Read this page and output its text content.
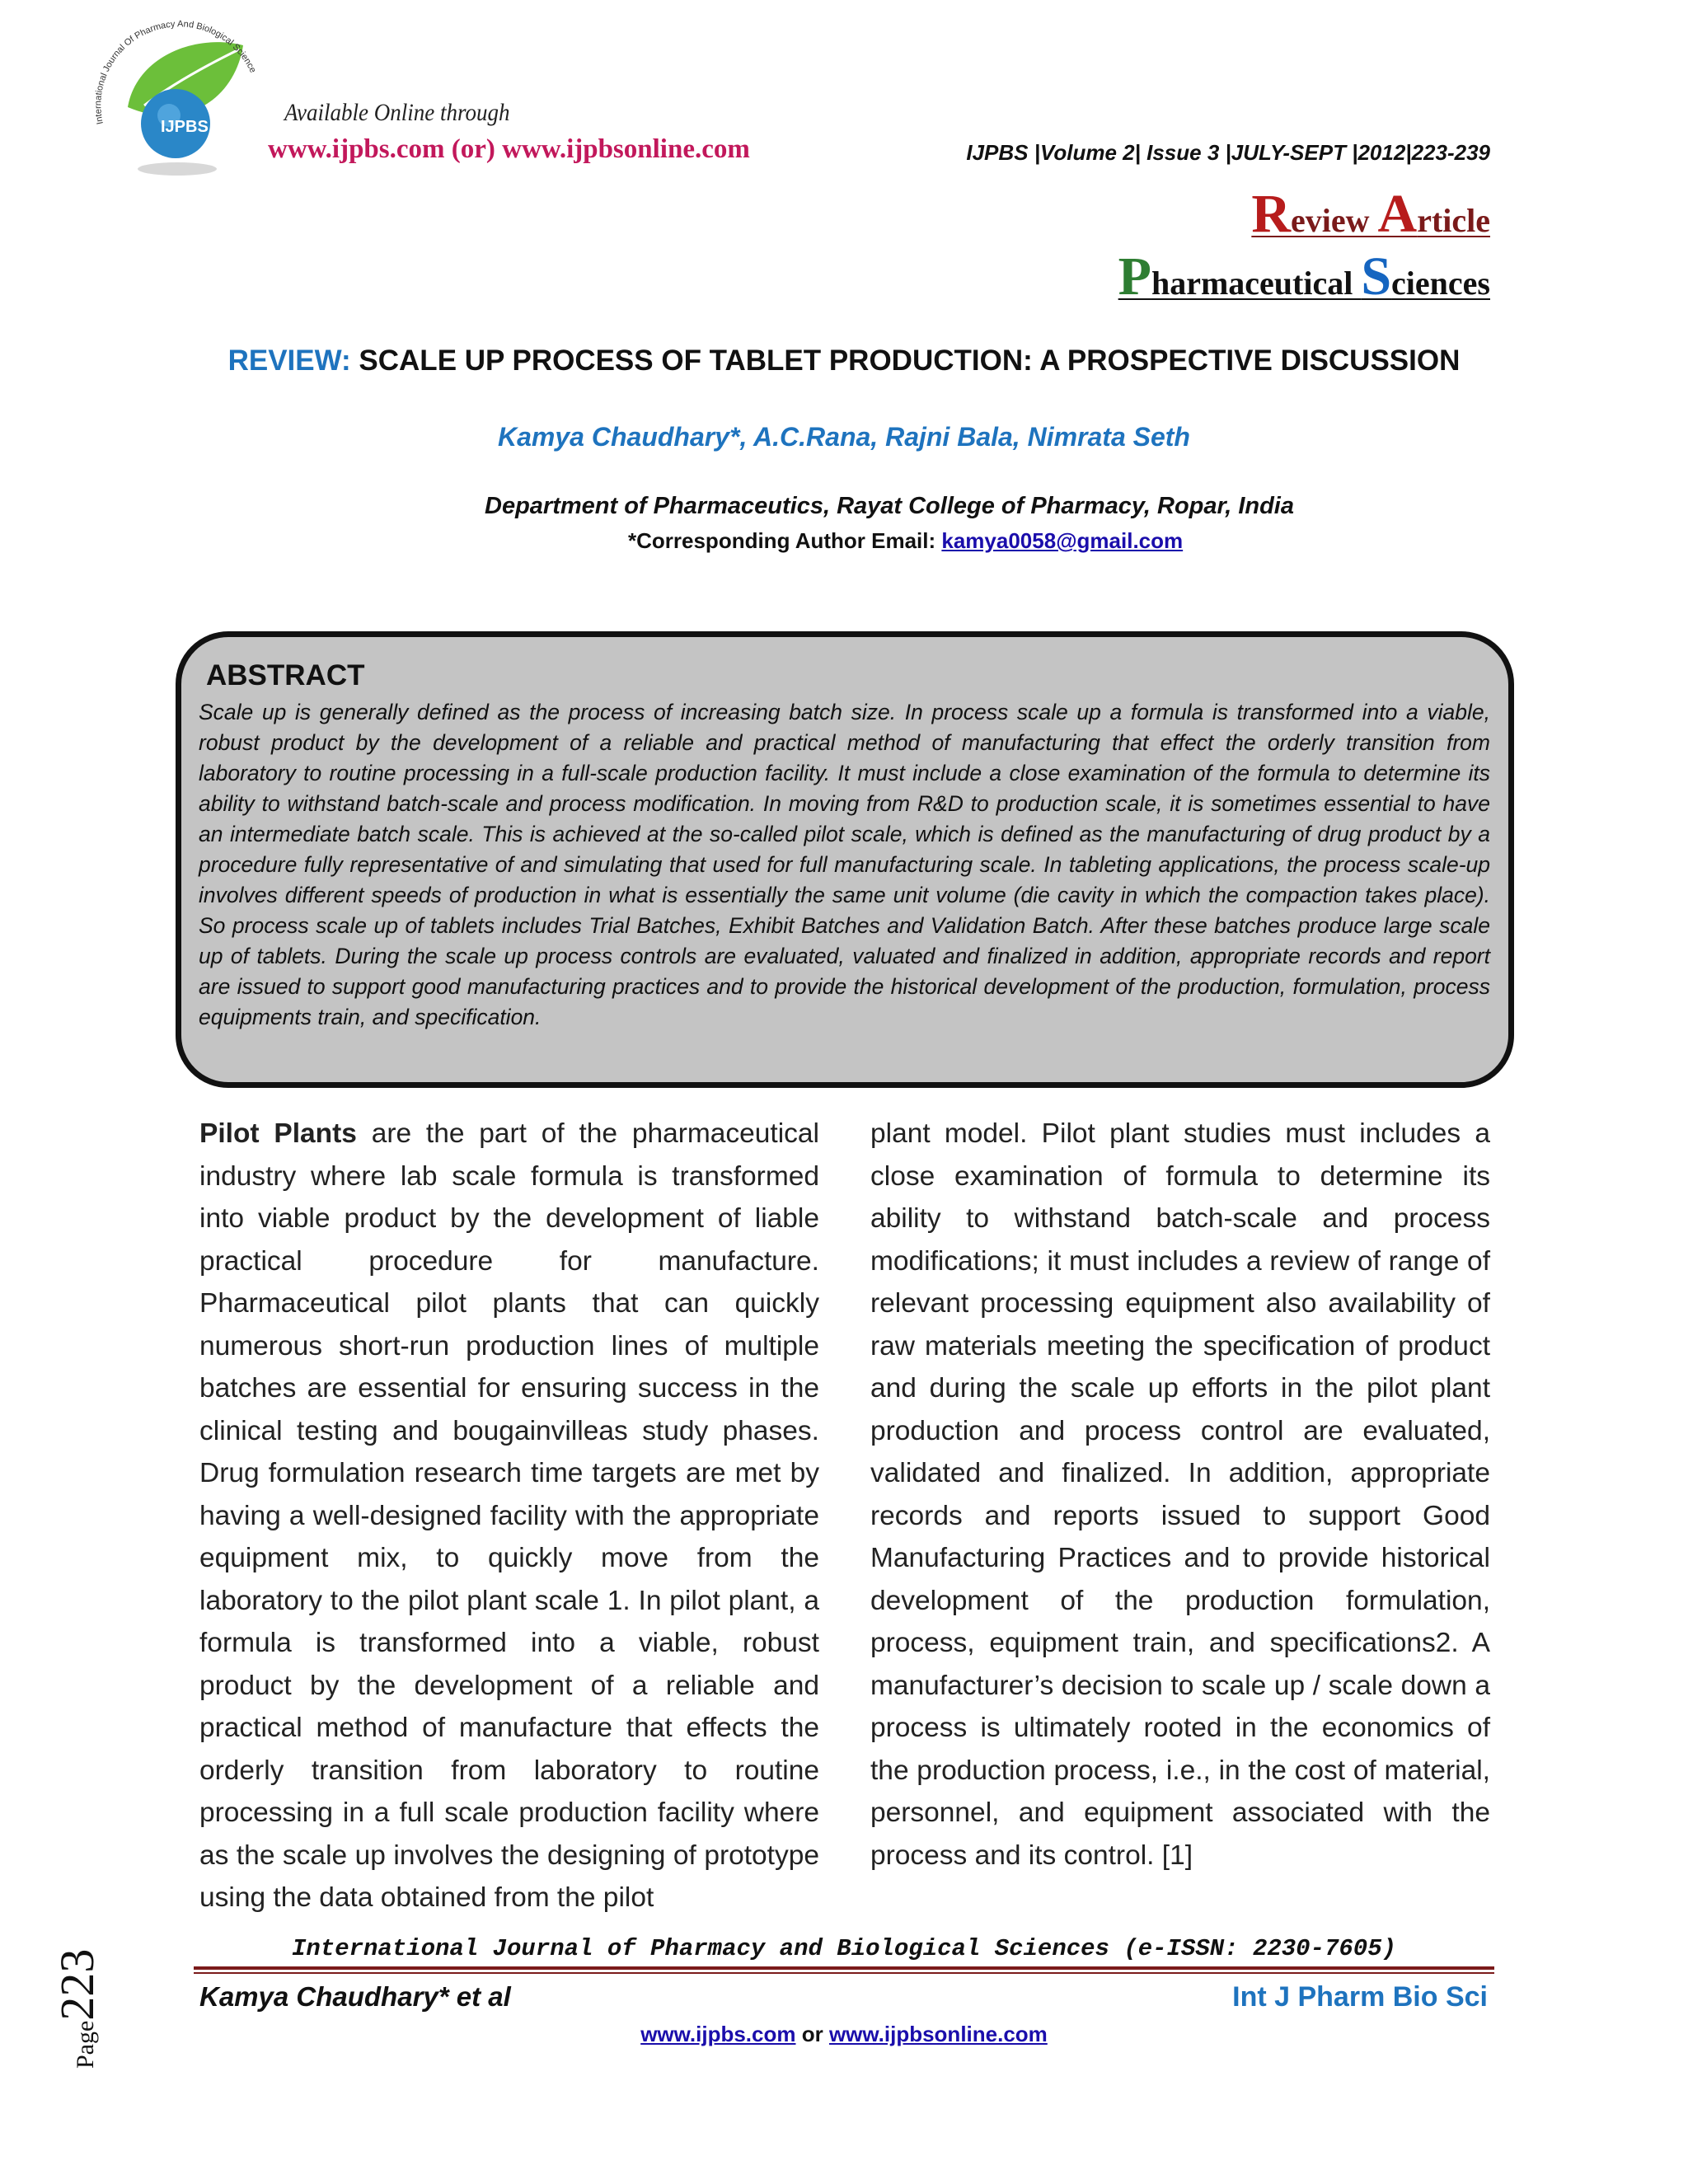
IJPBS
International Journal Of Pharmacy And Biological Science
Available Online through
www.ijpbs.com (or) www.ijpbsonline.com	IJPBS |Volume 2| Issue 3 |JULY-SEPT |2012|223-239
Review Article
Pharmaceutical Sciences
REVIEW: SCALE UP PROCESS OF TABLET PRODUCTION: A PROSPECTIVE DISCUSSION
Kamya Chaudhary*, A.C.Rana, Rajni Bala, Nimrata Seth
Department of Pharmaceutics, Rayat College of Pharmacy, Ropar, India
*Corresponding Author Email: kamya0058@gmail.com
ABSTRACT
Scale up is generally defined as the process of increasing batch size. In process scale up a formula is transformed into a viable, robust product by the development of a reliable and practical method of manufacturing that effect the orderly transition from laboratory to routine processing in a full-scale production facility. It must include a close examination of the formula to determine its ability to withstand batch-scale and process modification. In moving from R&D to production scale, it is sometimes essential to have an intermediate batch scale. This is achieved at the so-called pilot scale, which is defined as the manufacturing of drug product by a procedure fully representative of and simulating that used for full manufacturing scale. In tableting applications, the process scale-up involves different speeds of production in what is essentially the same unit volume (die cavity in which the compaction takes place). So process scale up of tablets includes Trial Batches, Exhibit Batches and Validation Batch. After these batches produce large scale up of tablets. During the scale up process controls are evaluated, valuated and finalized in addition, appropriate records and report are issued to support good manufacturing practices and to provide the historical development of the production, formulation, process equipments train, and specification.
Pilot Plants are the part of the pharmaceutical industry where lab scale formula is transformed into viable product by the development of liable practical procedure for manufacture. Pharmaceutical pilot plants that can quickly numerous short-run production lines of multiple batches are essential for ensuring success in the clinical testing and bougainvilleas study phases. Drug formulation research time targets are met by having a well-designed facility with the appropriate equipment mix, to quickly move from the laboratory to the pilot plant scale 1. In pilot plant, a formula is transformed into a viable, robust product by the development of a reliable and practical method of manufacture that effects the orderly transition from laboratory to routine processing in a full scale production facility where as the scale up involves the designing of prototype using the data obtained from the pilot
plant model. Pilot plant studies must includes a close examination of formula to determine its ability to withstand batch-scale and process modifications; it must includes a review of range of relevant processing equipment also availability of raw materials meeting the specification of product and during the scale up efforts in the pilot plant production and process control are evaluated, validated and finalized. In addition, appropriate records and reports issued to support Good Manufacturing Practices and to provide historical development of the production formulation, process, equipment train, and specifications2. A manufacturer’s decision to scale up / scale down a process is ultimately rooted in the economics of the production process, i.e., in the cost of material, personnel, and equipment associated with the process and its control. [1]
International Journal of Pharmacy and Biological Sciences (e-ISSN: 2230-7605)
Kamya Chaudhary* et al	Int J Pharm Bio Sci
www.ijpbs.com or www.ijpbsonline.com
Page223
